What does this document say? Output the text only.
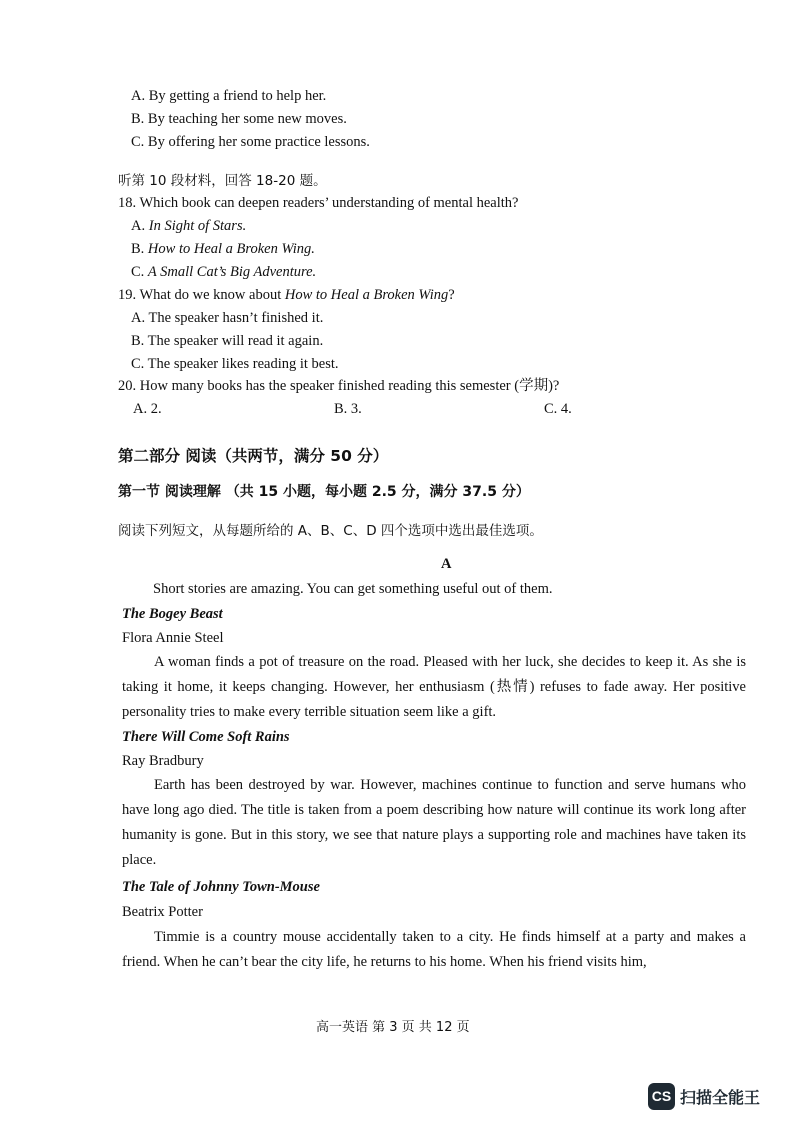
A. By getting a friend to help her.
B. By teaching her some new moves.
C. By offering her some practice lessons.
听第 10 段材料，回答 18-20 题。
18. Which book can deepen readers’ understanding of mental health?
A. In Sight of Stars.
B. How to Heal a Broken Wing.
C. A Small Cat’s Big Adventure.
19. What do we know about How to Heal a Broken Wing?
A. The speaker hasn’t finished it.
B. The speaker will read it again.
C. The speaker likes reading it best.
20. How many books has the speaker finished reading this semester (学期)?
A. 2.	B. 3.	C. 4.
第二部分 阅读（共两节，满分 50 分）
第一节 阅读理解 （共 15 小题，每小题 2.5 分，满分 37.5 分）
阅读下列短文，从每题所给的 A、B、C、D 四个选项中选出最佳选项。
A
Short stories are amazing. You can get something useful out of them.
The Bogey Beast
Flora Annie Steel
A woman finds a pot of treasure on the road. Pleased with her luck, she decides to keep it. As she is taking it home, it keeps changing. However, her enthusiasm (热情) refuses to fade away. Her positive personality tries to make every terrible situation seem like a gift.
There Will Come Soft Rains
Ray Bradbury
Earth has been destroyed by war. However, machines continue to function and serve humans who have long ago died. The title is taken from a poem describing how nature will continue its work long after humanity is gone. But in this story, we see that nature plays a supporting role and machines have taken its place.
The Tale of Johnny Town-Mouse
Beatrix Potter
Timmie is a country mouse accidentally taken to a city. He finds himself at a party and makes a friend. When he can’t bear the city life, he returns to his home. When his friend visits him,
高一英语 第 3 页 共 12 页
CS 扫描全能王
